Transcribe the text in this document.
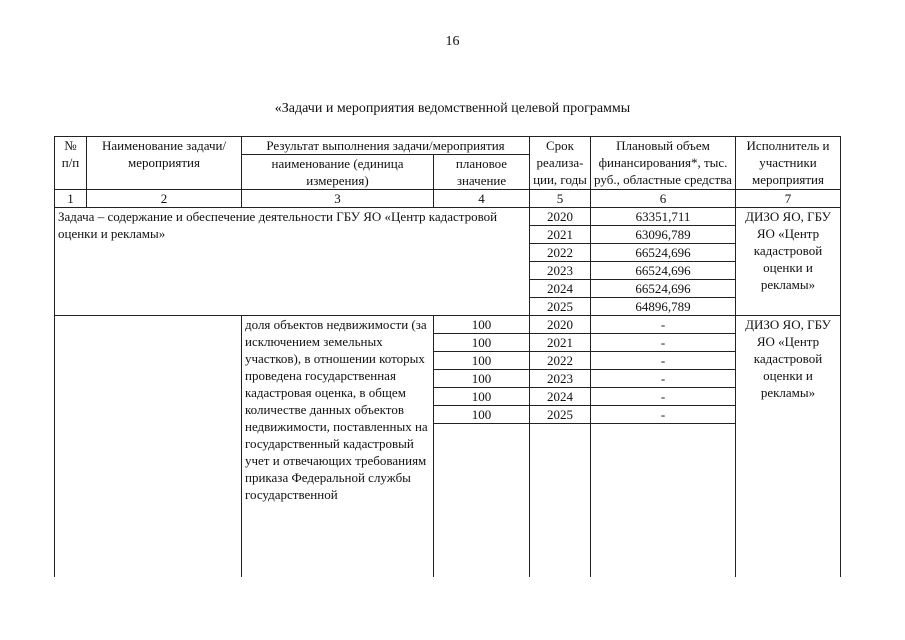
16
«Задачи и мероприятия ведомственной целевой программы
№ п/п	Наименование задачи/мероприятия	Результат выполнения задачи/мероприятия		Срок реализа-ции, годы	Плановый объем финансирования*, тыс. руб., областные средства	Исполнитель и участники мероприятия
		наименование (единица измерения)	плановое значение			
1	2	3	4	5	6	7
Задача – содержание и обеспечение деятельности ГБУ ЯО «Центр кадастровой оценки и рекламы»				2020	63351,711	ДИЗО ЯО, ГБУ ЯО «Центр кадастровой оценки и рекламы»
				2021	63096,789	
				2022	66524,696	
				2023	66524,696	
				2024	66524,696	
				2025	64896,789	
		доля объектов недвижимости (за исключением земельных участков), в отношении которых проведена государственная кадастровая оценка, в общем количестве данных объектов недвижимости, поставленных на государственный кадастровый учет и отвечающих требованиям приказа Федеральной службы государственной	100	2020	-	ДИЗО ЯО, ГБУ ЯО «Центр кадастровой оценки и рекламы»
			100	2021	-	
			100	2022	-	
			100	2023	-	
			100	2024	-	
			100	2025	-	
